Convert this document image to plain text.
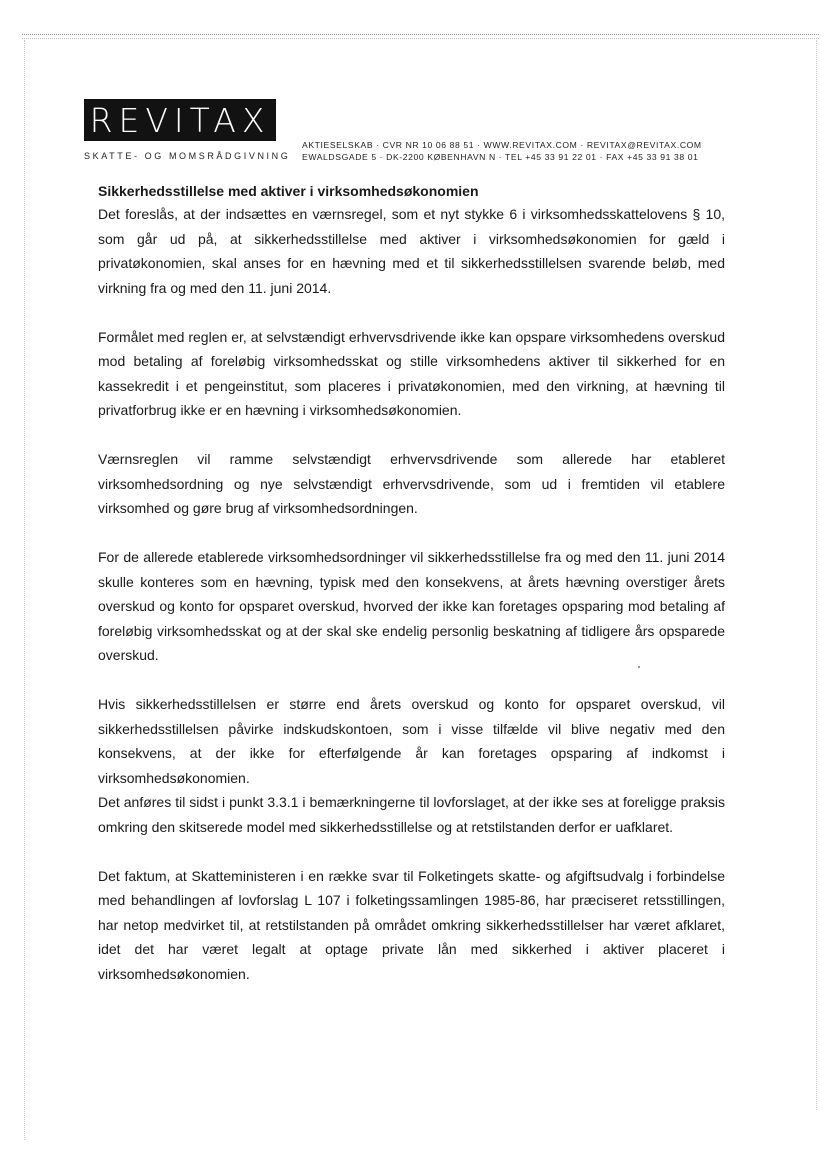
REVITAX
SKATTE- OG MOMSRÅDGIVNING
AKTIESELSKAB · CVR NR 10 06 88 51 · WWW.REVITAX.COM · REVITAX@REVITAX.COM
EWALDSGADE 5 · DK-2200 KØBENHAVN N · TEL +45 33 91 22 01 · FAX +45 33 91 38 01

Sikkerhedsstillelse med aktiver i virksomhedsøkonomien

Det foreslås, at der indsættes en værnsregel, som et nyt stykke 6 i virksomhedsskattelovens § 10, som går ud på, at sikkerhedsstillelse med aktiver i virksomhedsøkonomien for gæld i privatøkonomien, skal anses for en hævning med et til sikkerhedsstillelsen svarende beløb, med virkning fra og med den 11. juni 2014.

Formålet med reglen er, at selvstændigt erhvervsdrivende ikke kan opspare virksomhedens overskud mod betaling af foreløbig virksomhedsskat og stille virksomhedens aktiver til sikkerhed for en kassekredit i et pengeinstitut, som placeres i privatøkonomien, med den virkning, at hævning til privatforbrug ikke er en hævning i virksomhedsøkonomien.

Værnsreglen vil ramme selvstændigt erhvervsdrivende som allerede har etableret virksomhedsordning og nye selvstændigt erhvervsdrivende, som ud i fremtiden vil etablere virksomhed og gøre brug af virksomhedsordningen.

For de allerede etablerede virksomhedsordninger vil sikkerhedsstillelse fra og med den 11. juni 2014 skulle konteres som en hævning, typisk med den konsekvens, at årets hævning overstiger årets overskud og konto for opsparet overskud, hvorved der ikke kan foretages opsparing mod betaling af foreløbig virksomhedsskat og at der skal ske endelig personlig beskatning af tidligere års opsparede overskud.

Hvis sikkerhedsstillelsen er større end årets overskud og konto for opsparet overskud, vil sikkerhedsstillelsen påvirke indskudskontoen, som i visse tilfælde vil blive negativ med den konsekvens, at der ikke for efterfølgende år kan foretages opsparing af indkomst i virksomhedsøkonomien.

Det anføres til sidst i punkt 3.3.1 i bemærkningerne til lovforslaget, at der ikke ses at foreligge praksis omkring den skitserede model med sikkerhedsstillelse og at retstilstanden derfor er uafklaret.

Det faktum, at Skatteministeren i en række svar til Folketingets skatte- og afgiftsudvalg i forbindelse med behandlingen af lovforslag L 107 i folketingssamlingen 1985-86, har præciseret retsstillingen, har netop medvirket til, at retstilstanden på området omkring sikkerhedsstillelser har været afklaret, idet det har været legalt at optage private lån med sikkerhed i aktiver placeret i virksomhedsøkonomien.
